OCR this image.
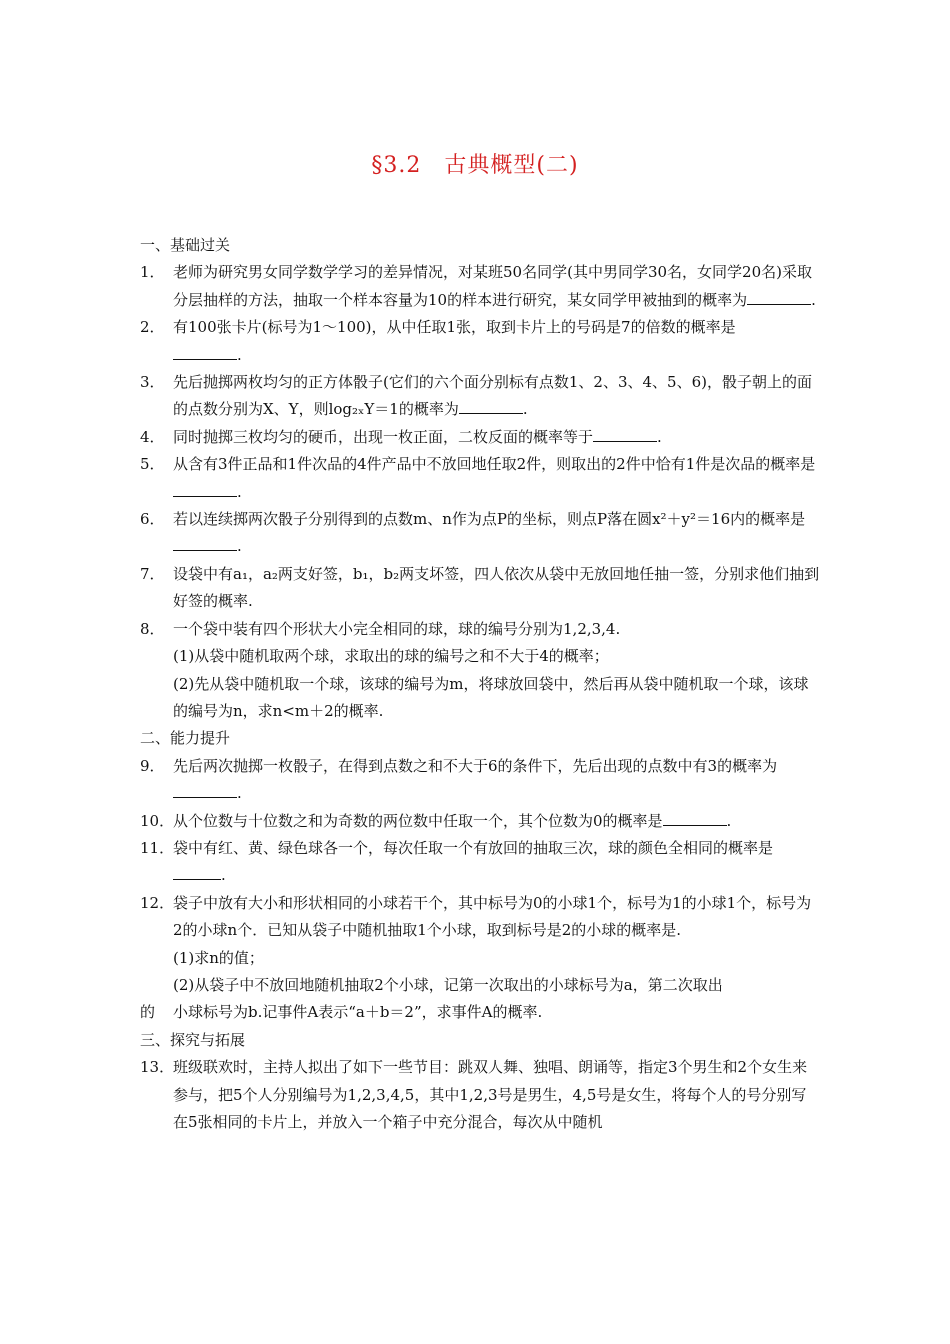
§3.2　古典概型(二)
一、基础过关
1． 老师为研究男女同学数学学习的差异情况，对某班50名同学(其中男同学30名，女同学20名)采取分层抽样的方法，抽取一个样本容量为10的样本进行研究，某女同学甲被抽到的概率为	.
2． 有100张卡片(标号为1～100)，从中任取1张，取到卡片上的号码是7的倍数的概率是
.
3． 先后抛掷两枚均匀的正方体骰子(它们的六个面分别标有点数1、2、3、4、5、6)，骰子朝上的面的点数分别为X、Y，则log₂ₓY＝1的概率为	.
4． 同时抛掷三枚均匀的硬币，出现一枚正面，二枚反面的概率等于	.
5． 从含有3件正品和1件次品的4件产品中不放回地任取2件，则取出的2件中恰有1件是次品的概率是.
6． 若以连续掷两次骰子分别得到的点数m、n作为点P的坐标，则点P落在圆x²＋y²＝16内的概率是.
7． 设袋中有a₁，a₂两支好签，b₁，b₂两支坏签，四人依次从袋中无放回地任抽一签，分别求他们抽到好签的概率.
8． 一个袋中装有四个形状大小完全相同的球，球的编号分别为1,2,3,4.
(1)从袋中随机取两个球，求取出的球的编号之和不大于4的概率；
(2)先从袋中随机取一个球，该球的编号为m，将球放回袋中，然后再从袋中随机取一个球，该球的编号为n，求n<m＋2的概率.
二、能力提升
9． 先后两次抛掷一枚骰子，在得到点数之和不大于6的条件下，先后出现的点数中有3的概率为.
10．
从个位数与十位数之和为奇数的两位数中任取一个，其个位数为0的概率是	.
11．
袋中有红、黄、绿色球各一个，每次任取一个有放回的抽取三次，球的颜色全相同的概率是.
12．
袋子中放有大小和形状相同的小球若干个，其中标号为0的小球1个，标号为1的小球1个，标号为2的小球n个．已知从袋子中随机抽取1个小球，取到标号是2的小球的概率是.
(1)求n的值；
(2)从袋子中不放回地随机抽取2个小球，记第一次取出的小球标号为a，第二次取出
的 小球标号为b.记事件A表示“a＋b＝2”，求事件A的概率.
三、探究与拓展
13．
班级联欢时，主持人拟出了如下一些节目：跳双人舞、独唱、朗诵等，指定3个男生和2个女生来参与，把5个人分别编号为1,2,3,4,5，其中1,2,3号是男生，4,5号是女生，将每个人的号分别写在5张相同的卡片上，并放入一个箱子中充分混合，每次从中随机
